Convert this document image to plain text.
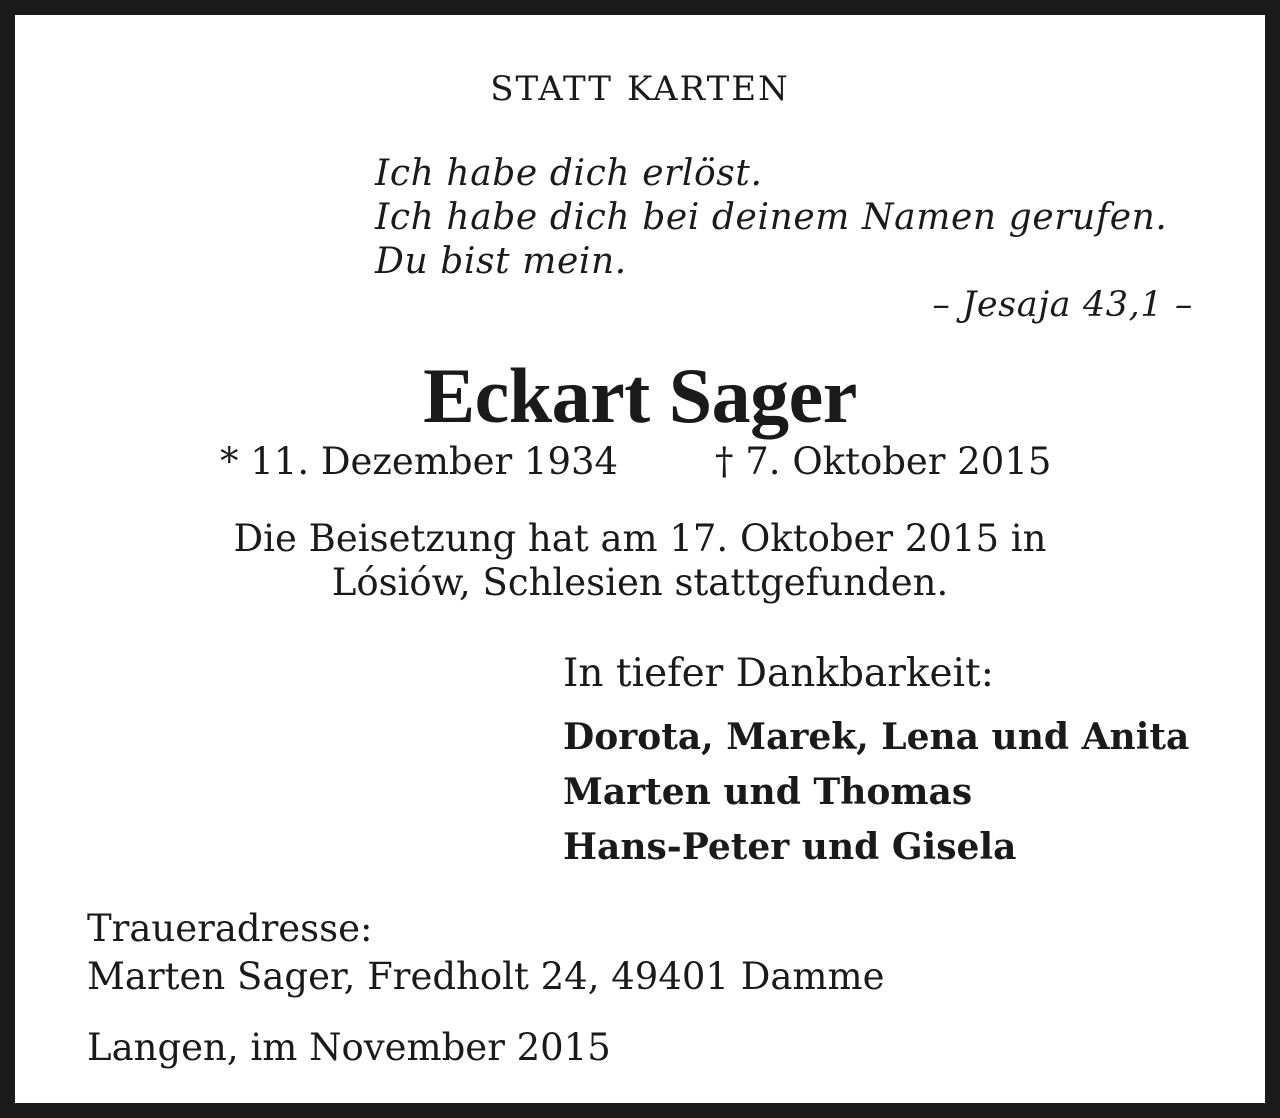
STATT KARTEN
Ich habe dich erlöst.
Ich habe dich bei deinem Namen gerufen.
Du bist mein.
– Jesaja 43,1 –
Eckart Sager
* 11. Dezember 1934	† 7. Oktober 2015
Die Beisetzung hat am 17. Oktober 2015 in
Lósiów, Schlesien stattgefunden.
In tiefer Dankbarkeit:
Dorota, Marek, Lena und Anita
Marten und Thomas
Hans-Peter und Gisela
Traueradresse:
Marten Sager, Fredholt 24, 49401 Damme
Langen, im November 2015
